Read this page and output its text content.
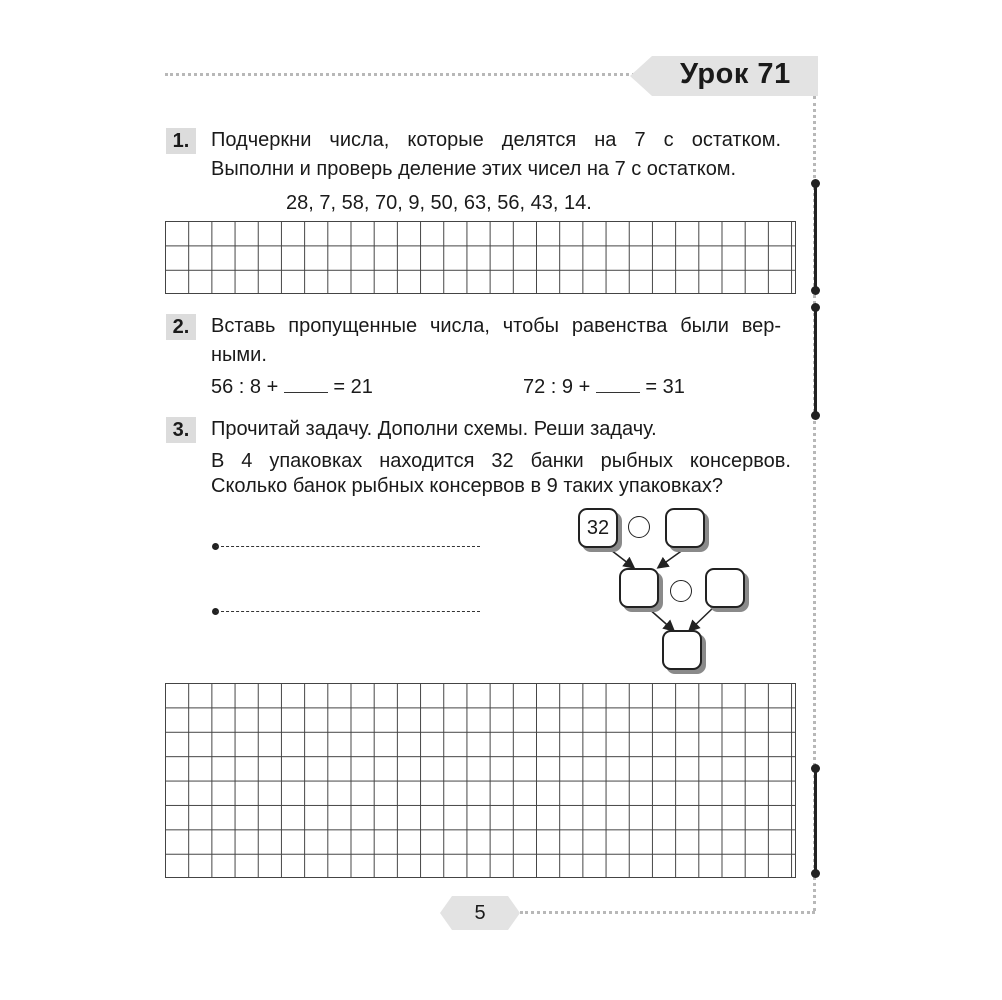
Урок 71
1.	Подчеркни числа, которые делятся на 7 с остатком.
Выполни и проверь деление этих чисел на 7 с остатком.
28, 7, 58, 70, 9, 50, 63, 56, 43, 14.
2.	Вставь пропущенные числа, чтобы равенства были вер-
ными.
56 : 8 +	= 21	72 : 9 +	= 31
3.	Прочитай задачу. Дополни схемы. Реши задачу.
В 4 упаковках находится 32 банки рыбных консервов.
Сколько банок рыбных консервов в 9 таких упаковках?
32
5
